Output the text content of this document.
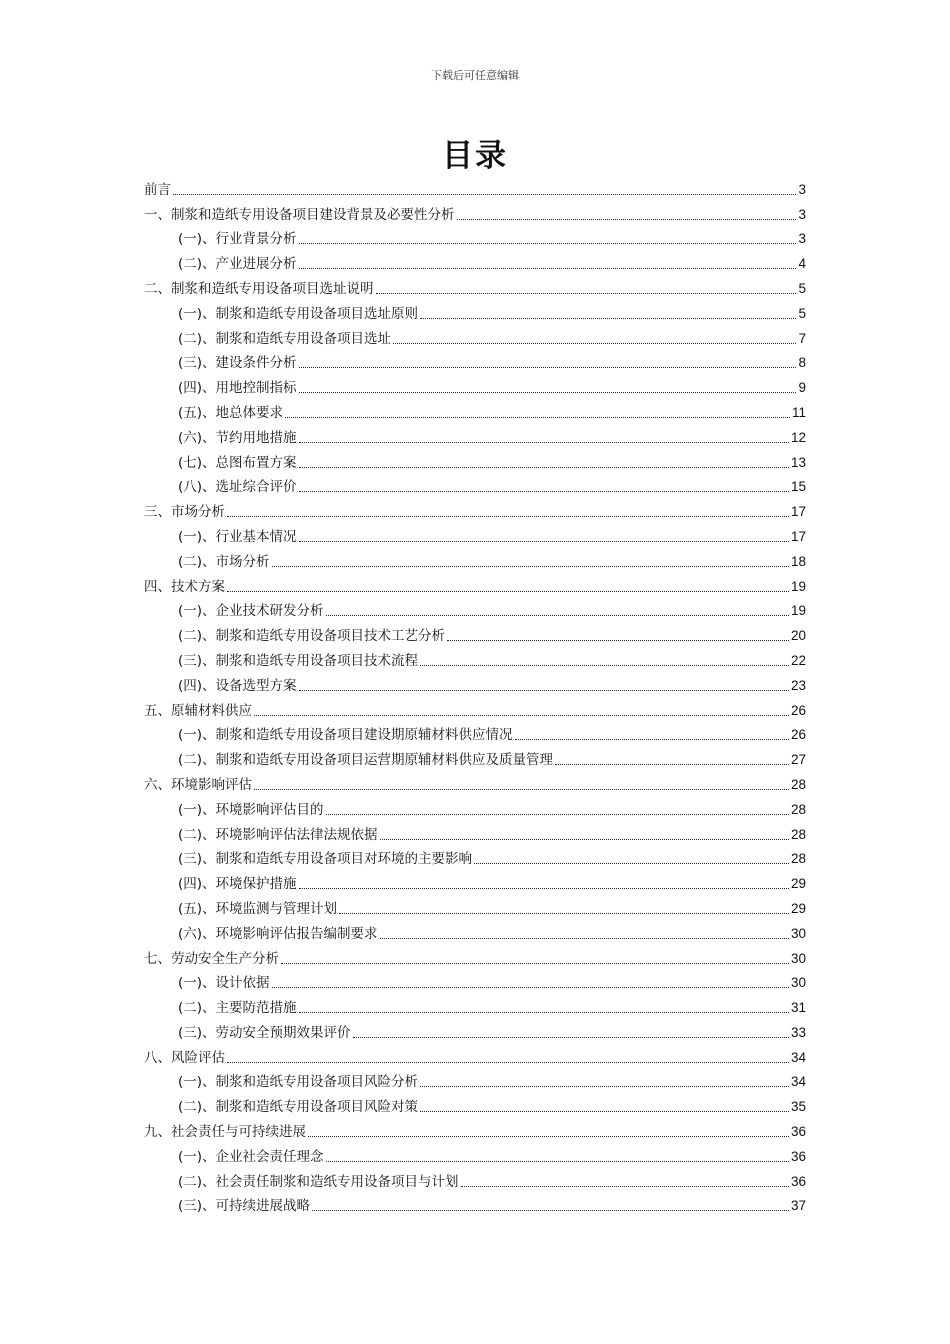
下载后可任意编辑
目录
前言	3
一、制浆和造纸专用设备项目建设背景及必要性分析	3
(一)、行业背景分析	3
(二)、产业进展分析	4
二、制浆和造纸专用设备项目选址说明	5
(一)、制浆和造纸专用设备项目选址原则	5
(二)、制浆和造纸专用设备项目选址	7
(三)、建设条件分析	8
(四)、用地控制指标	9
(五)、地总体要求	11
(六)、节约用地措施	12
(七)、总图布置方案	13
(八)、选址综合评价	15
三、市场分析	17
(一)、行业基本情况	17
(二)、市场分析	18
四、技术方案	19
(一)、企业技术研发分析	19
(二)、制浆和造纸专用设备项目技术工艺分析	20
(三)、制浆和造纸专用设备项目技术流程	22
(四)、设备选型方案	23
五、原辅材料供应	26
(一)、制浆和造纸专用设备项目建设期原辅材料供应情况	26
(二)、制浆和造纸专用设备项目运营期原辅材料供应及质量管理	27
六、环境影响评估	28
(一)、环境影响评估目的	28
(二)、环境影响评估法律法规依据	28
(三)、制浆和造纸专用设备项目对环境的主要影响	28
(四)、环境保护措施	29
(五)、环境监测与管理计划	29
(六)、环境影响评估报告编制要求	30
七、劳动安全生产分析	30
(一)、设计依据	30
(二)、主要防范措施	31
(三)、劳动安全预期效果评价	33
八、风险评估	34
(一)、制浆和造纸专用设备项目风险分析	34
(二)、制浆和造纸专用设备项目风险对策	35
九、社会责任与可持续进展	36
(一)、企业社会责任理念	36
(二)、社会责任制浆和造纸专用设备项目与计划	36
(三)、可持续进展战略	37
